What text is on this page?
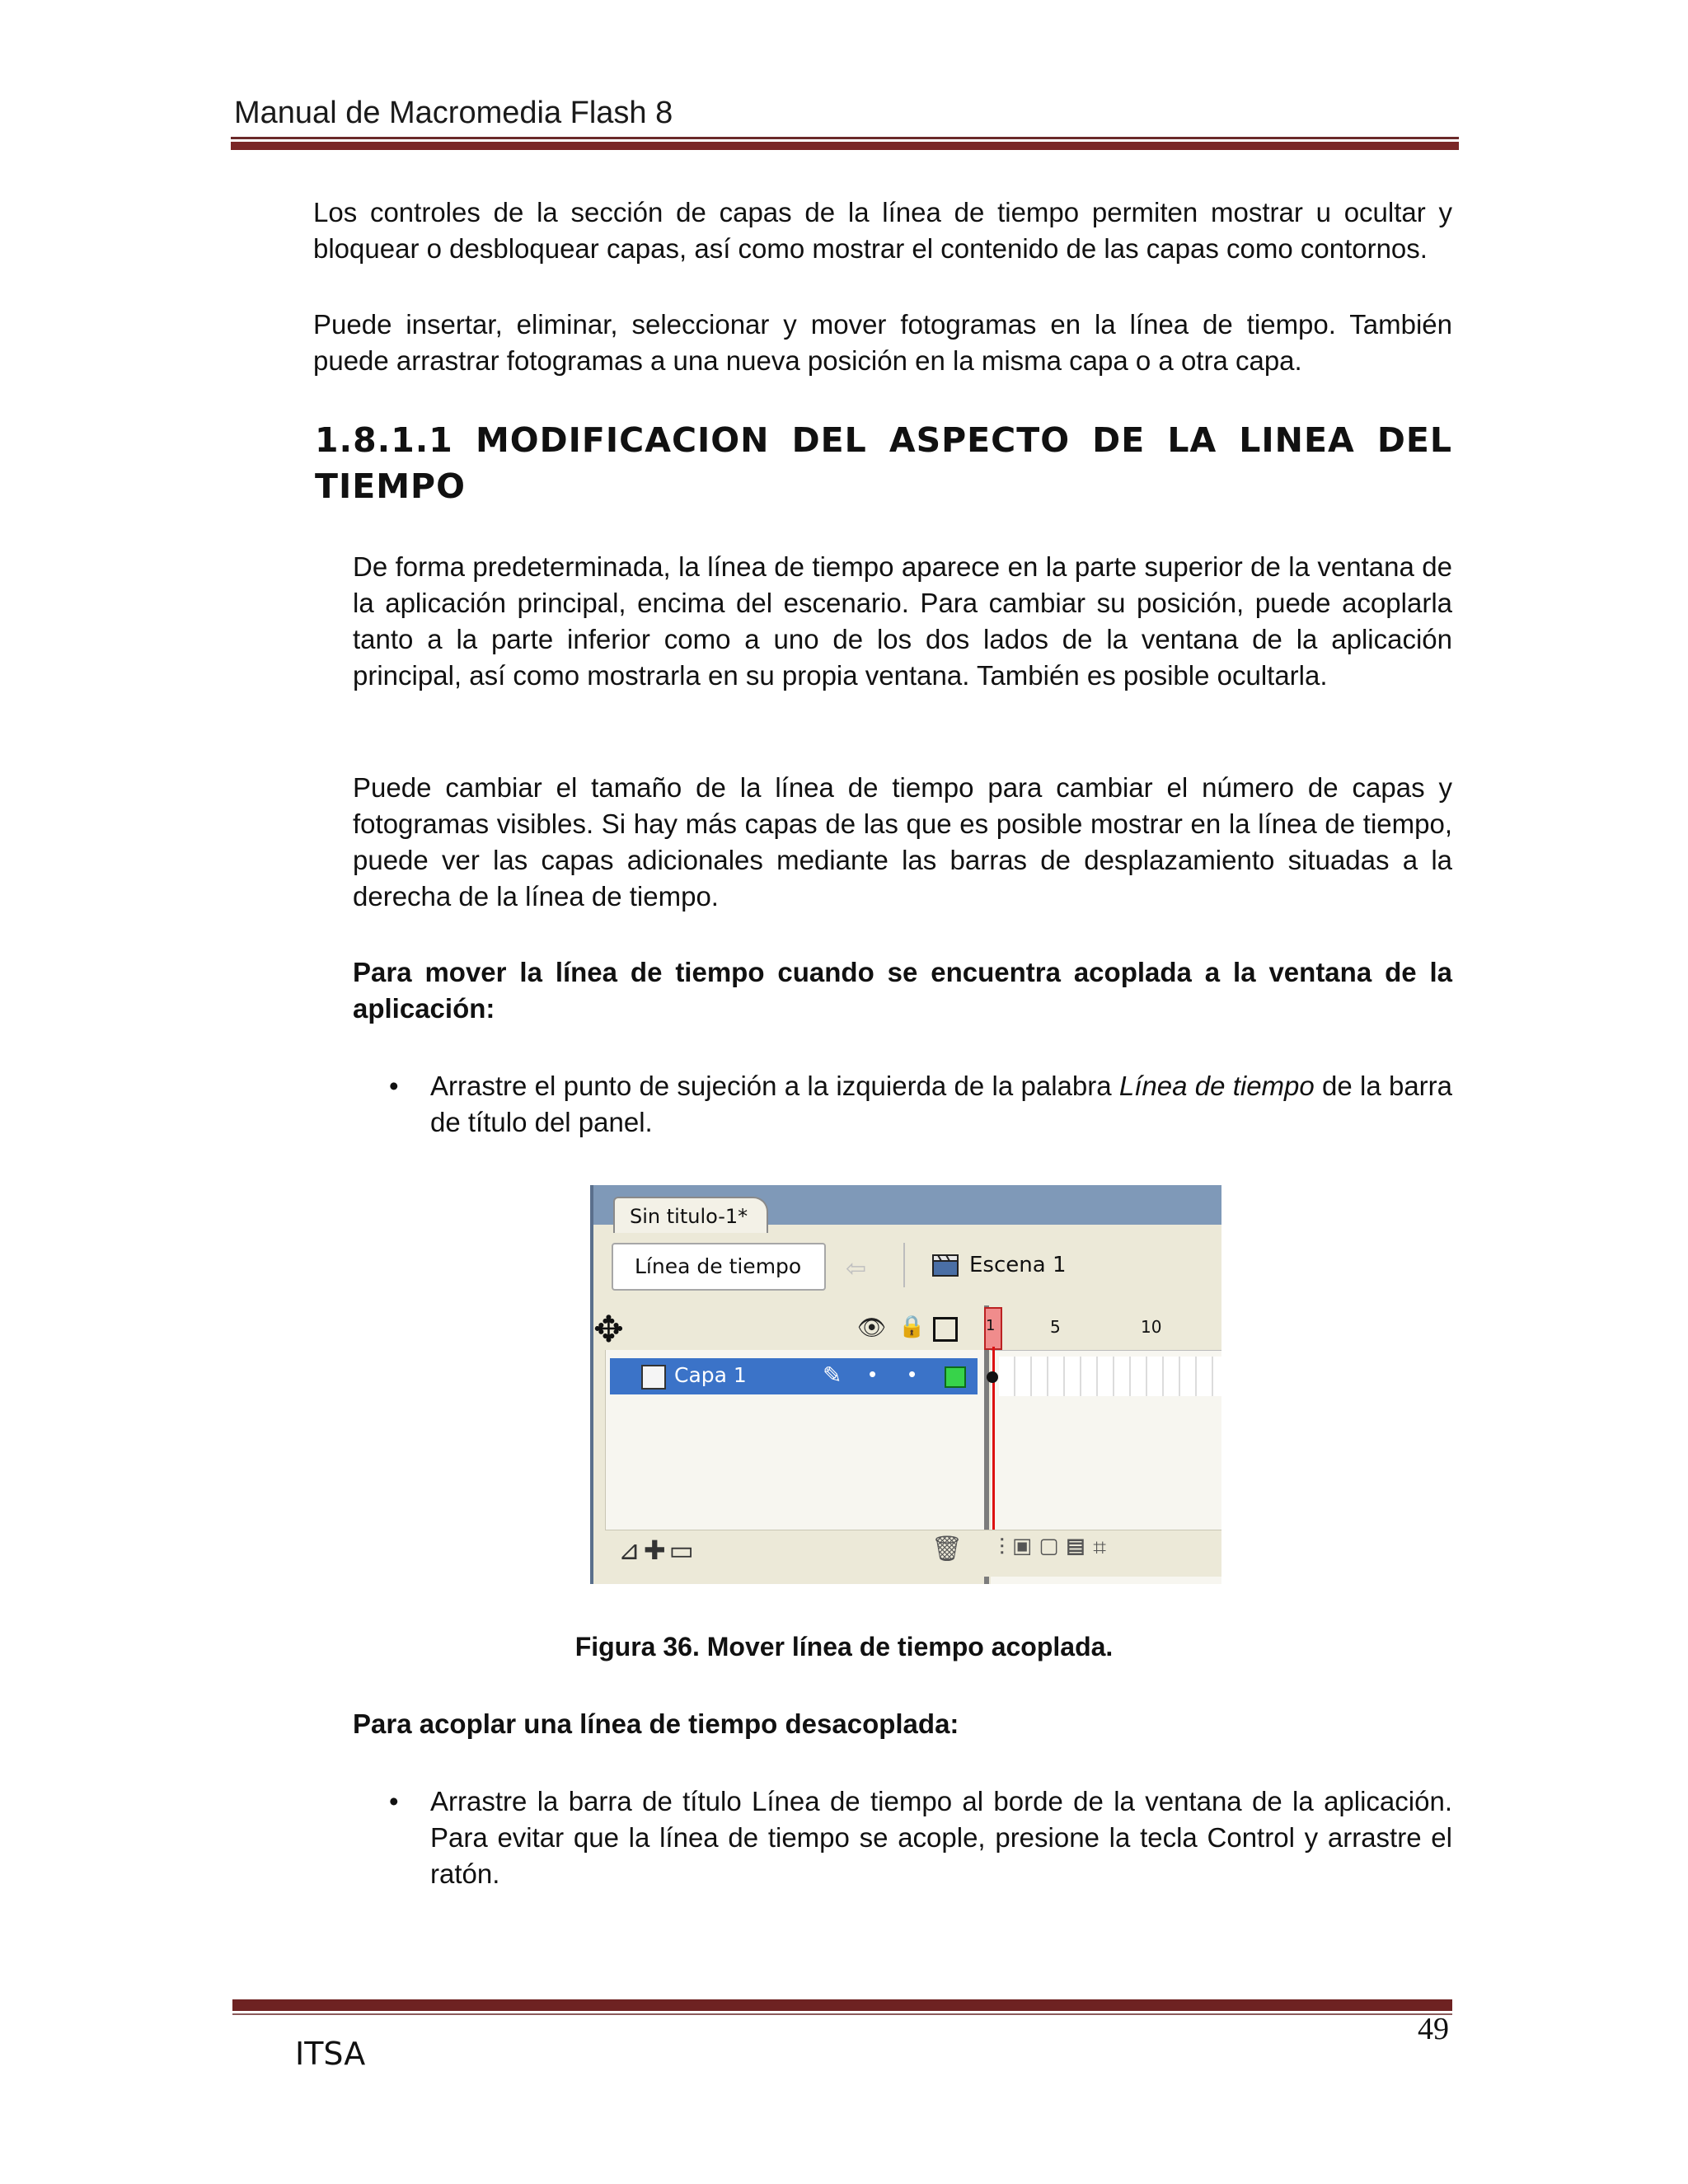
Manual de Macromedia Flash 8
Los controles de la sección de capas de la línea de tiempo permiten mostrar u ocultar y bloquear o desbloquear capas, así como mostrar el contenido de las capas como contornos.
Puede insertar, eliminar, seleccionar y mover fotogramas en la línea de tiempo. También puede arrastrar fotogramas a una nueva posición en la misma capa o a otra capa.
1.8.1.1 MODIFICACION DEL ASPECTO DE LA LINEA DEL TIEMPO
De forma predeterminada, la línea de tiempo aparece en la parte superior de la ventana de la aplicación principal, encima del escenario. Para cambiar su posición, puede acoplarla tanto a la parte inferior como a uno de los dos lados de la ventana de la aplicación principal, así como mostrarla en su propia ventana. También es posible ocultarla.
Puede cambiar el tamaño de la línea de tiempo para cambiar el número de capas y fotogramas visibles. Si hay más capas de las que es posible mostrar en la línea de tiempo, puede ver las capas adicionales mediante las barras de desplazamiento situadas a la derecha de la línea de tiempo.
Para mover la línea de tiempo cuando se encuentra acoplada a la ventana de la aplicación:
• Arrastre el punto de sujeción a la izquierda de la palabra Línea de tiempo de la barra de título del panel.
Sin titulo-1*
Línea de tiempo ⇦	Escena 1
✥	👁 🔒
Capa 1	✎ • •
1	5	10
⊿✚▭	🗑 ⫶▣▢▤⌗
Figura 36. Mover línea de tiempo acoplada.
Para acoplar una línea de tiempo desacoplada:
• Arrastre la barra de título Línea de tiempo al borde de la ventana de la aplicación. Para evitar que la línea de tiempo se acople, presione la tecla Control y arrastre el ratón.
ITSA
49
